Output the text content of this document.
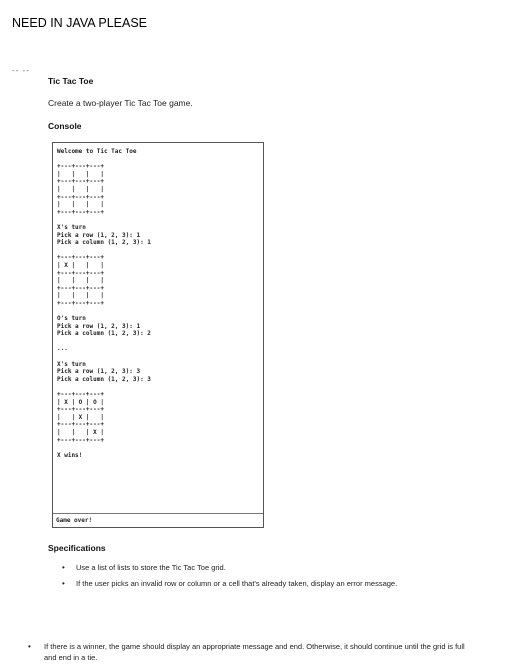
NEED IN JAVA PLEASE
-- --
Tic Tac Toe
Create a two-player Tic Tac Toe game.
Console
Welcome to Tic Tac Toe

+---+---+---+
|   |   |   |
+---+---+---+
|   |   |   |
+---+---+---+
|   |   |   |
+---+---+---+

X's turn
Pick a row (1, 2, 3): 1
Pick a column (1, 2, 3): 1

+---+---+---+
| X |   |   |
+---+---+---+
|   |   |   |
+---+---+---+
|   |   |   |
+---+---+---+

O's turn
Pick a row (1, 2, 3): 1
Pick a column (1, 2, 3): 2

...

X's turn
Pick a row (1, 2, 3): 3
Pick a column (1, 2, 3): 3

+---+---+---+
| X | O | O |
+---+---+---+
|   | X |   |
+---+---+---+
|   |   | X |
+---+---+---+

X wins!

Game over!
Specifications
• Use a list of lists to store the Tic Tac Toe grid.
• If the user picks an invalid row or column or a cell that's already taken, display an error message.
• If there is a winner, the game should display an appropriate message and end. Otherwise, it should continue until the grid is full and end in a tie.
